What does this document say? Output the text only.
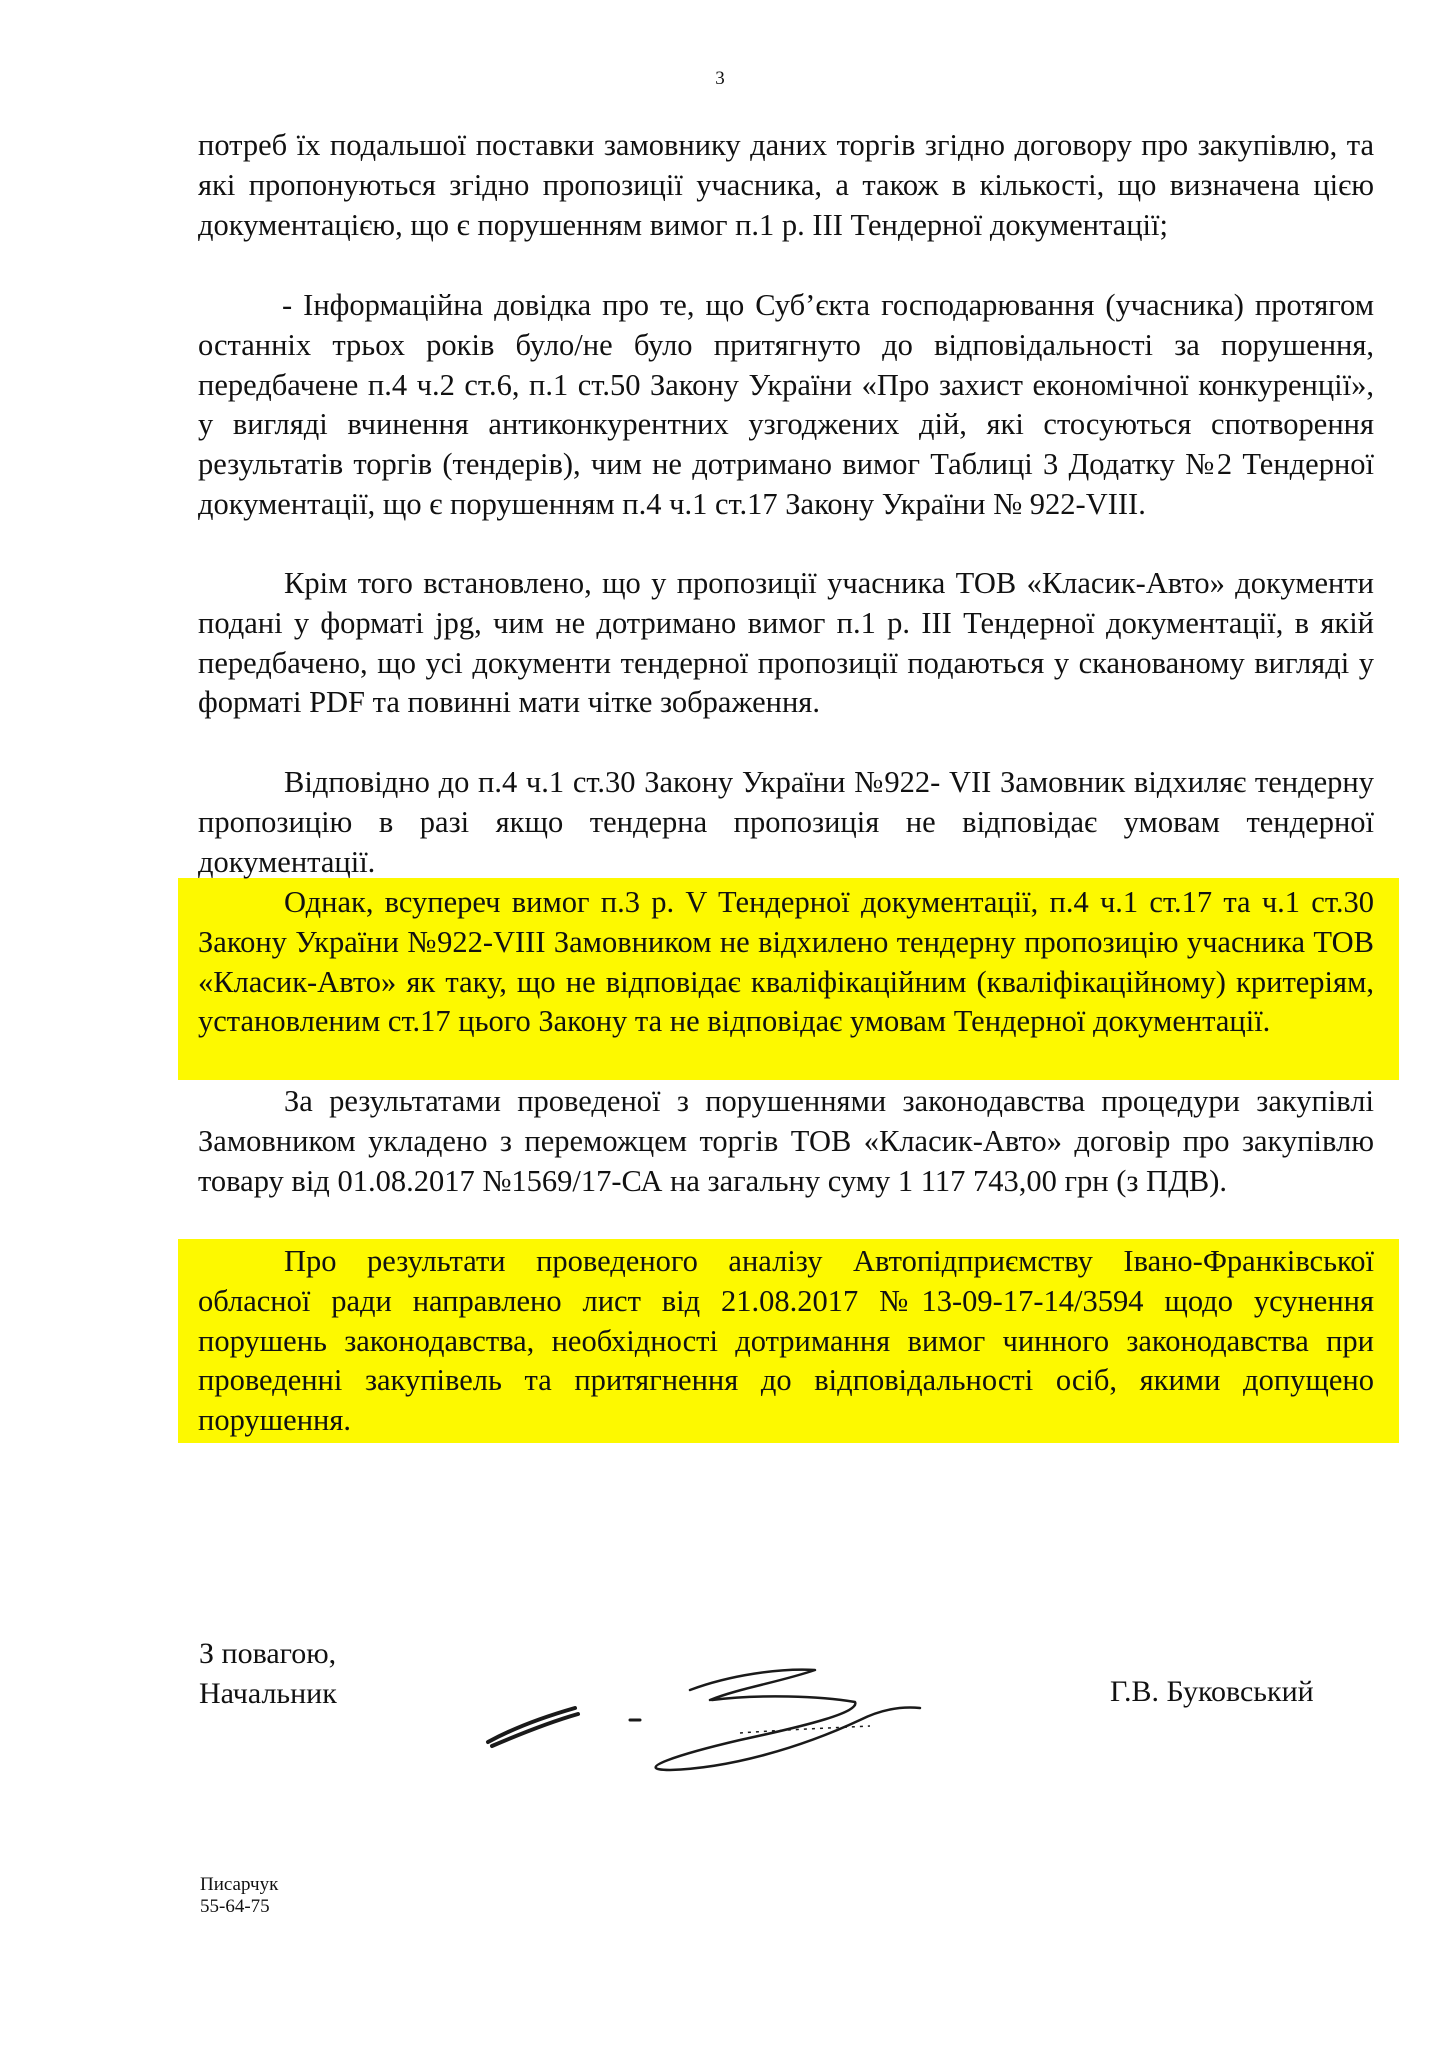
3

потреб їх подальшої поставки замовнику даних торгів згідно договору про закупівлю, та які пропонуються згідно пропозиції учасника, а також в кількості, що визначена цією документацією, що є порушенням вимог п.1 р. ІІІ Тендерної документації;

- Інформаційна довідка про те, що Суб’єкта господарювання (учасника) протягом останніх трьох років було/не було притягнуто до відповідальності за порушення, передбачене п.4 ч.2 ст.6, п.1 ст.50 Закону України «Про захист економічної конкуренції», у вигляді вчинення антиконкурентних узгоджених дій, які стосуються спотворення результатів торгів (тендерів), чим не дотримано вимог Таблиці 3 Додатку №2 Тендерної документації, що є порушенням п.4 ч.1 ст.17 Закону України № 922-VIII.

Крім того встановлено, що у пропозиції учасника ТОВ «Класик-Авто» документи подані у форматі jpg, чим не дотримано вимог п.1 р. ІІІ Тендерної документації, в якій передбачено, що усі документи тендерної пропозиції подаються у сканованому вигляді у форматі PDF та повинні мати чітке зображення.

Відповідно до п.4 ч.1 ст.30 Закону України №922- VII Замовник відхиляє тендерну пропозицію в разі якщо тендерна пропозиція не відповідає умовам тендерної документації.

Однак, всупереч вимог п.3 р. V Тендерної документації, п.4 ч.1 ст.17 та ч.1 ст.30 Закону України №922-VIII Замовником не відхилено тендерну пропозицію учасника ТОВ «Класик-Авто» як таку, що не відповідає кваліфікаційним (кваліфікаційному) критеріям, установленим ст.17 цього Закону та не відповідає умовам Тендерної документації.

За результатами проведеної з порушеннями законодавства процедури закупівлі Замовником укладено з переможцем торгів ТОВ «Класик-Авто» договір про закупівлю товару від 01.08.2017 №1569/17-СА на загальну суму 1 117 743,00 грн (з ПДВ).

Про результати проведеного аналізу Автопідприємству Івано-Франківської обласної ради направлено лист від 21.08.2017 №13-09-17-14/3594 щодо усунення порушень законодавства, необхідності дотримання вимог чинного законодавства при проведенні закупівель та притягнення до відповідальності осіб, якими допущено порушення.

З повагою,
Начальник	Г.В. Буковський
Писарчук
55-64-75
